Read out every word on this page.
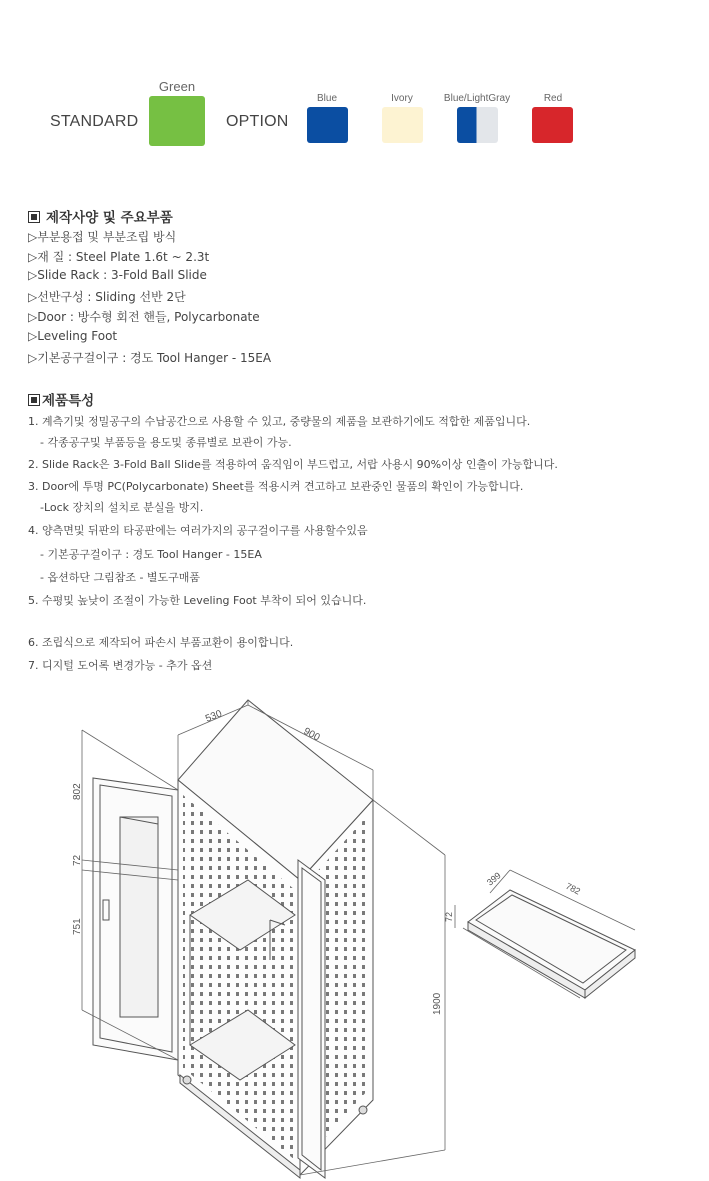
STANDARD
Green
OPTION
Blue	Ivory	Blue/LightGray	Red
제작사양 및 주요부품
▷부분용접 및 부분조립 방식
▷재 질 : Steel Plate 1.6t ~ 2.3t
▷Slide Rack : 3-Fold Ball Slide
▷선반구성 : Sliding 선반 2단
▷Door : 방수형 회전 핸들, Polycarbonate
▷Leveling Foot
▷기본공구걸이구 : 경도 Tool Hanger - 15EA
제품특성
1. 계측기및 정밀공구의 수납공간으로 사용할 수 있고, 중량물의 제품을 보관하기에도 적합한 제품입니다.
- 각종공구및 부품등을 용도및 종류별로 보관이 가능.
2. Slide Rack은 3-Fold Ball Slide를 적용하여 움직임이 부드럽고, 서랍 사용시 90%이상 인출이 가능합니다.
3. Door에 투명 PC(Polycarbonate) Sheet를 적용시켜 견고하고 보관중인 물품의 확인이 가능합니다.
-Lock 장치의 설치로 분실을 방지.
4. 양측면및 뒤판의 타공판에는 여러가지의 공구걸이구를 사용할수있음
- 기본공구걸이구 : 경도 Tool Hanger - 15EA
- 옵션하단 그림참조 - 별도구매품
5. 수평및 높낮이 조절이 가능한 Leveling Foot 부착이 되어 있습니다.
6. 조립식으로 제작되어 파손시 부품교환이 용이합니다.
7. 디지털 도어록 변경가능 - 추가 옵션
530
900
1900
802
72
751
399
782
72
